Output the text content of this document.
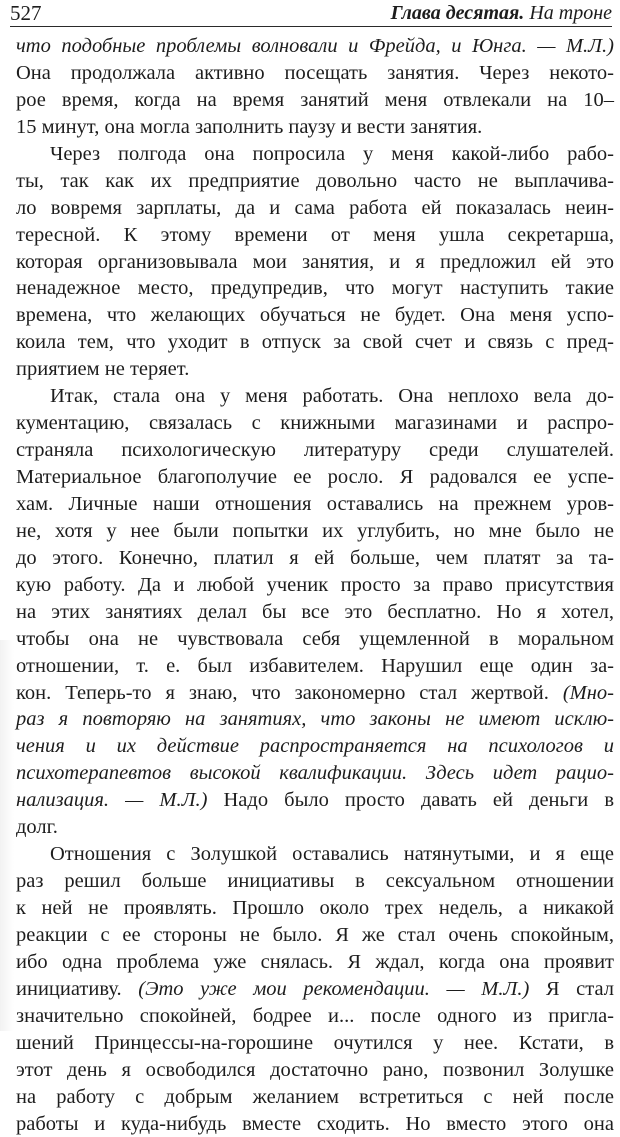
527	Глава десятая. На троне
что подобные проблемы волновали и Фрейда, и Юнга. — М.Л.)
Она продолжала активно посещать занятия. Через некото-
рое время, когда на время занятий меня отвлекали на 10–
15 минут, она могла заполнить паузу и вести занятия.
Через полгода она попросила у меня какой-либо рабо-
ты, так как их предприятие довольно часто не выплачива-
ло вовремя зарплаты, да и сама работа ей показалась неин-
тересной. К этому времени от меня ушла секретарша,
которая организовывала мои занятия, и я предложил ей это
ненадежное место, предупредив, что могут наступить такие
времена, что желающих обучаться не будет. Она меня успо-
коила тем, что уходит в отпуск за свой счет и связь с пред-
приятием не теряет.
Итак, стала она у меня работать. Она неплохо вела до-
кументацию, связалась с книжными магазинами и распро-
страняла психологическую литературу среди слушателей.
Материальное благополучие ее росло. Я радовался ее успе-
хам. Личные наши отношения оставались на прежнем уров-
не, хотя у нее были попытки их углубить, но мне было не
до этого. Конечно, платил я ей больше, чем платят за та-
кую работу. Да и любой ученик просто за право присутствия
на этих занятиях делал бы все это бесплатно. Но я хотел,
чтобы она не чувствовала себя ущемленной в моральном
отношении, т. е. был избавителем. Нарушил еще один за-
кон. Теперь-то я знаю, что закономерно стал жертвой. (Мно-
раз я повторяю на занятиях, что законы не имеют исклю-
чения и их действие распространяется на психологов и
психотерапевтов высокой квалификации. Здесь идет рацио-
нализация. — М.Л.) Надо было просто давать ей деньги в
долг.
Отношения с Золушкой оставались натянутыми, и я еще
раз решил больше инициативы в сексуальном отношении
к ней не проявлять. Прошло около трех недель, а никакой
реакции с ее стороны не было. Я же стал очень спокойным,
ибо одна проблема уже снялась. Я ждал, когда она проявит
инициативу. (Это уже мои рекомендации. — М.Л.) Я стал
значительно спокойней, бодрее и... после одного из пригла-
шений Принцессы-на-горошине очутился у нее. Кстати, в
этот день я освободился достаточно рано, позвонил Золушке
на работу с добрым желанием встретиться с ней после
работы и куда-нибудь вместе сходить. Но вместо этого она
